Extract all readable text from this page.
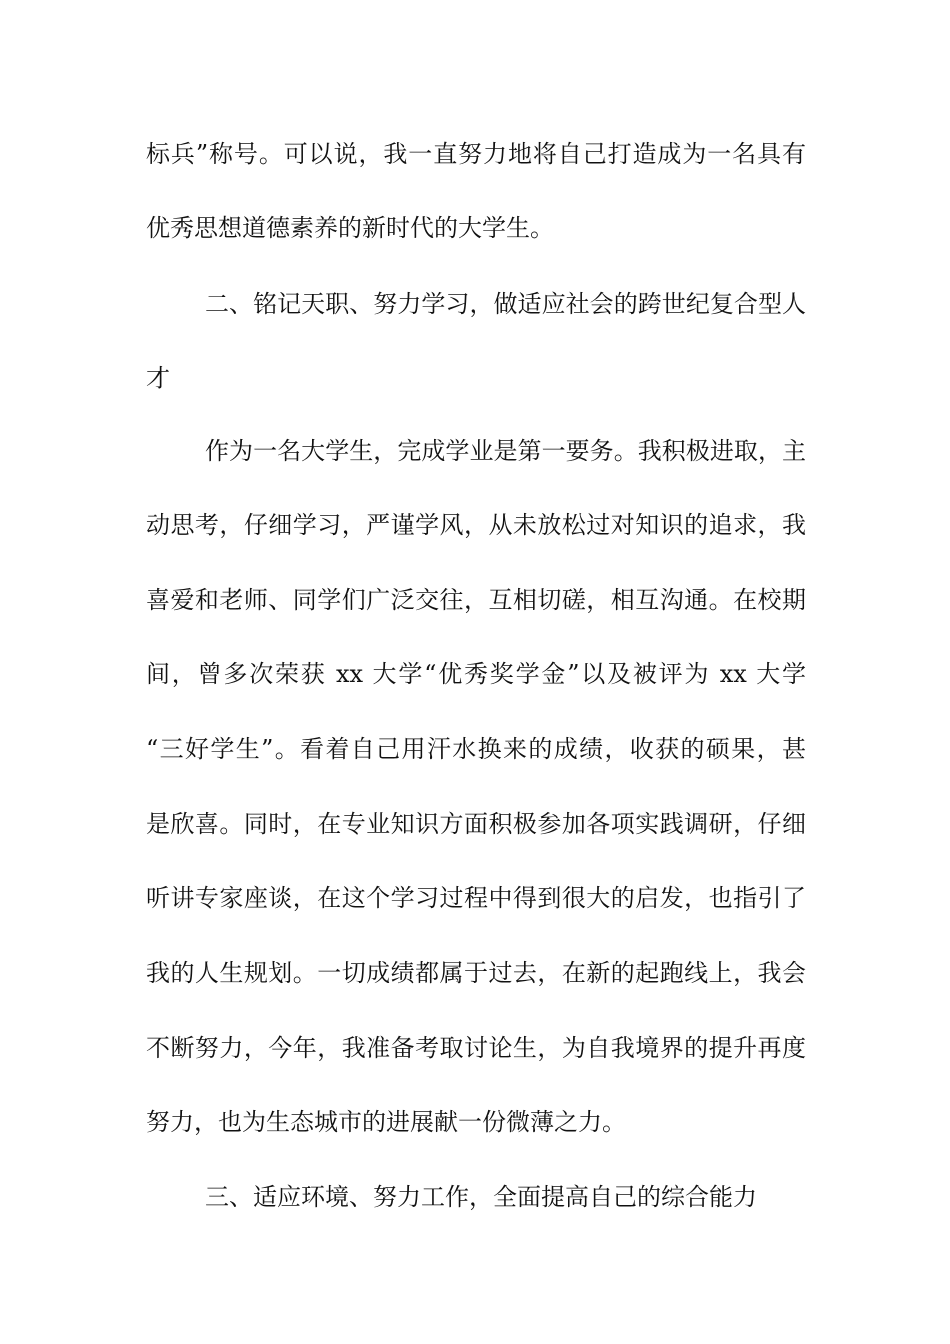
标兵”称号。可以说，我一直努力地将自己打造成为一名具有
优秀思想道德素养的新时代的大学生。
二、铭记天职、努力学习，做适应社会的跨世纪复合型人
才
作为一名大学生，完成学业是第一要务。我积极进取，主
动思考，仔细学习，严谨学风，从未放松过对知识的追求，我
喜爱和老师、同学们广泛交往，互相切磋，相互沟通。在校期
间，曾多次荣获 xx 大学“优秀奖学金”以及被评为 xx 大学
“三好学生”。看着自己用汗水换来的成绩，收获的硕果，甚
是欣喜。同时，在专业知识方面积极参加各项实践调研，仔细
听讲专家座谈，在这个学习过程中得到很大的启发，也指引了
我的人生规划。一切成绩都属于过去，在新的起跑线上，我会
不断努力，今年，我准备考取讨论生，为自我境界的提升再度
努力，也为生态城市的进展献一份微薄之力。
三、适应环境、努力工作，全面提高自己的综合能力
